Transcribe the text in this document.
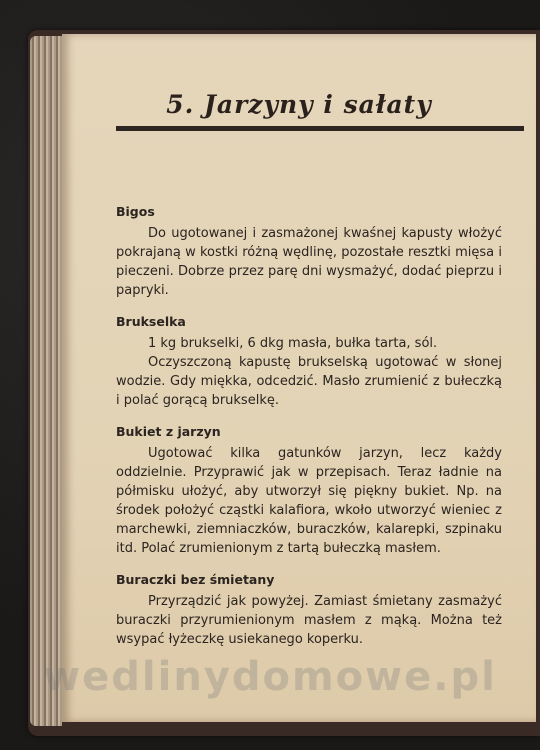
5. Jarzyny i sałaty
Bigos

Do ugotowanej i zasmażonej kwaśnej kapusty włożyć pokrajaną w kostki różną wędlinę, pozostałe resztki mięsa i pieczeni. Dobrze przez parę dni wysmażyć, dodać pieprzu i papryki.

Brukselka

1 kg brukselki, 6 dkg masła, bułka tarta, sól.

Oczyszczoną kapustę brukselską ugotować w słonej wodzie. Gdy miękka, odcedzić. Masło zrumienić z bułeczką i polać gorącą brukselkę.

Bukiet z jarzyn

Ugotować kilka gatunków jarzyn, lecz każdy oddzielnie. Przyprawić jak w przepisach. Teraz ładnie na półmisku ułożyć, aby utworzył się piękny bukiet. Np. na środek położyć cząstki kalafiora, wkoło utworzyć wieniec z marchewki, ziemniaczków, buraczków, kalarepki, szpinaku itd. Polać zrumienionym z tartą bułeczką masłem.

Buraczki bez śmietany

Przyrządzić jak powyżej. Zamiast śmietany zasmażyć buraczki przyrumienionym masłem z mąką. Można też wsypać łyżeczkę usiekanego koperku.

wedlinydomowe.pl
